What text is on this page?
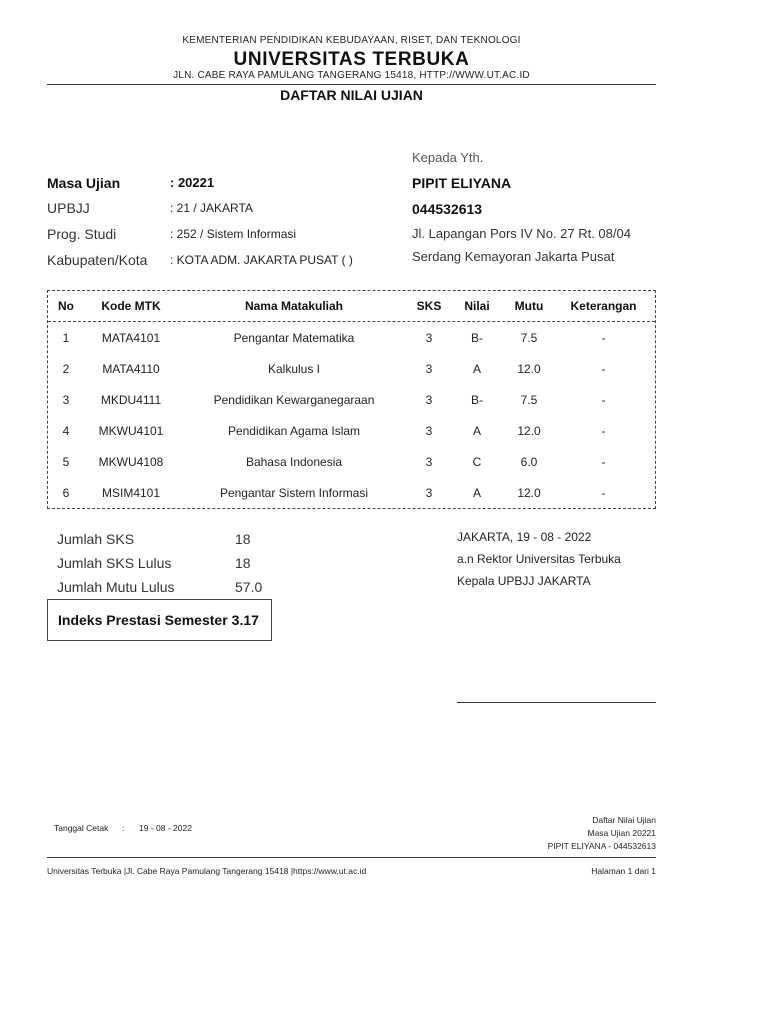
KEMENTERIAN PENDIDIKAN KEBUDAYAAN, RISET, DAN TEKNOLOGI
UNIVERSITAS TERBUKA
JLN. CABE RAYA PAMULANG TANGERANG 15418, HTTP://WWW.UT.AC.ID
DAFTAR NILAI UJIAN
Kepada Yth.
PIPIT ELIYANA
044532613
Jl. Lapangan Pors IV No. 27 Rt. 08/04
Serdang Kemayoran Jakarta Pusat
Masa Ujian	: 20221
UPBJJ	: 21 / JAKARTA
Prog. Studi	: 252 / Sistem Informasi
Kabupaten/Kota : KOTA ADM. JAKARTA PUSAT ( )
No	Kode MTK	Nama Matakuliah	SKS	Nilai	Mutu	Keterangan
1	MATA4101	Pengantar Matematika	3	B-	7.5	-
2	MATA4110	Kalkulus I	3	A	12.0	-
3	MKDU4111	Pendidikan Kewarganegaraan	3	B-	7.5	-
4	MKWU4101	Pendidikan Agama Islam	3	A	12.0	-
5	MKWU4108	Bahasa Indonesia	3	C	6.0	-
6	MSIM4101	Pengantar Sistem Informasi	3	A	12.0	-
Jumlah SKS	18
Jumlah SKS Lulus	18
Jumlah Mutu Lulus	57.0
Indeks Prestasi Semester 3.17
JAKARTA, 19 - 08 - 2022
a.n Rektor Universitas Terbuka
Kepala UPBJJ JAKARTA
Tanggal Cetak : 19 - 08 - 2022
Daftar Nilai Ujian
Masa Ujian 20221
PIPIT ELIYANA - 044532613
Universitas Terbuka |Jl. Cabe Raya Pamulang Tangerang 15418 |https://www.ut.ac.id	Halaman 1 dari 1
